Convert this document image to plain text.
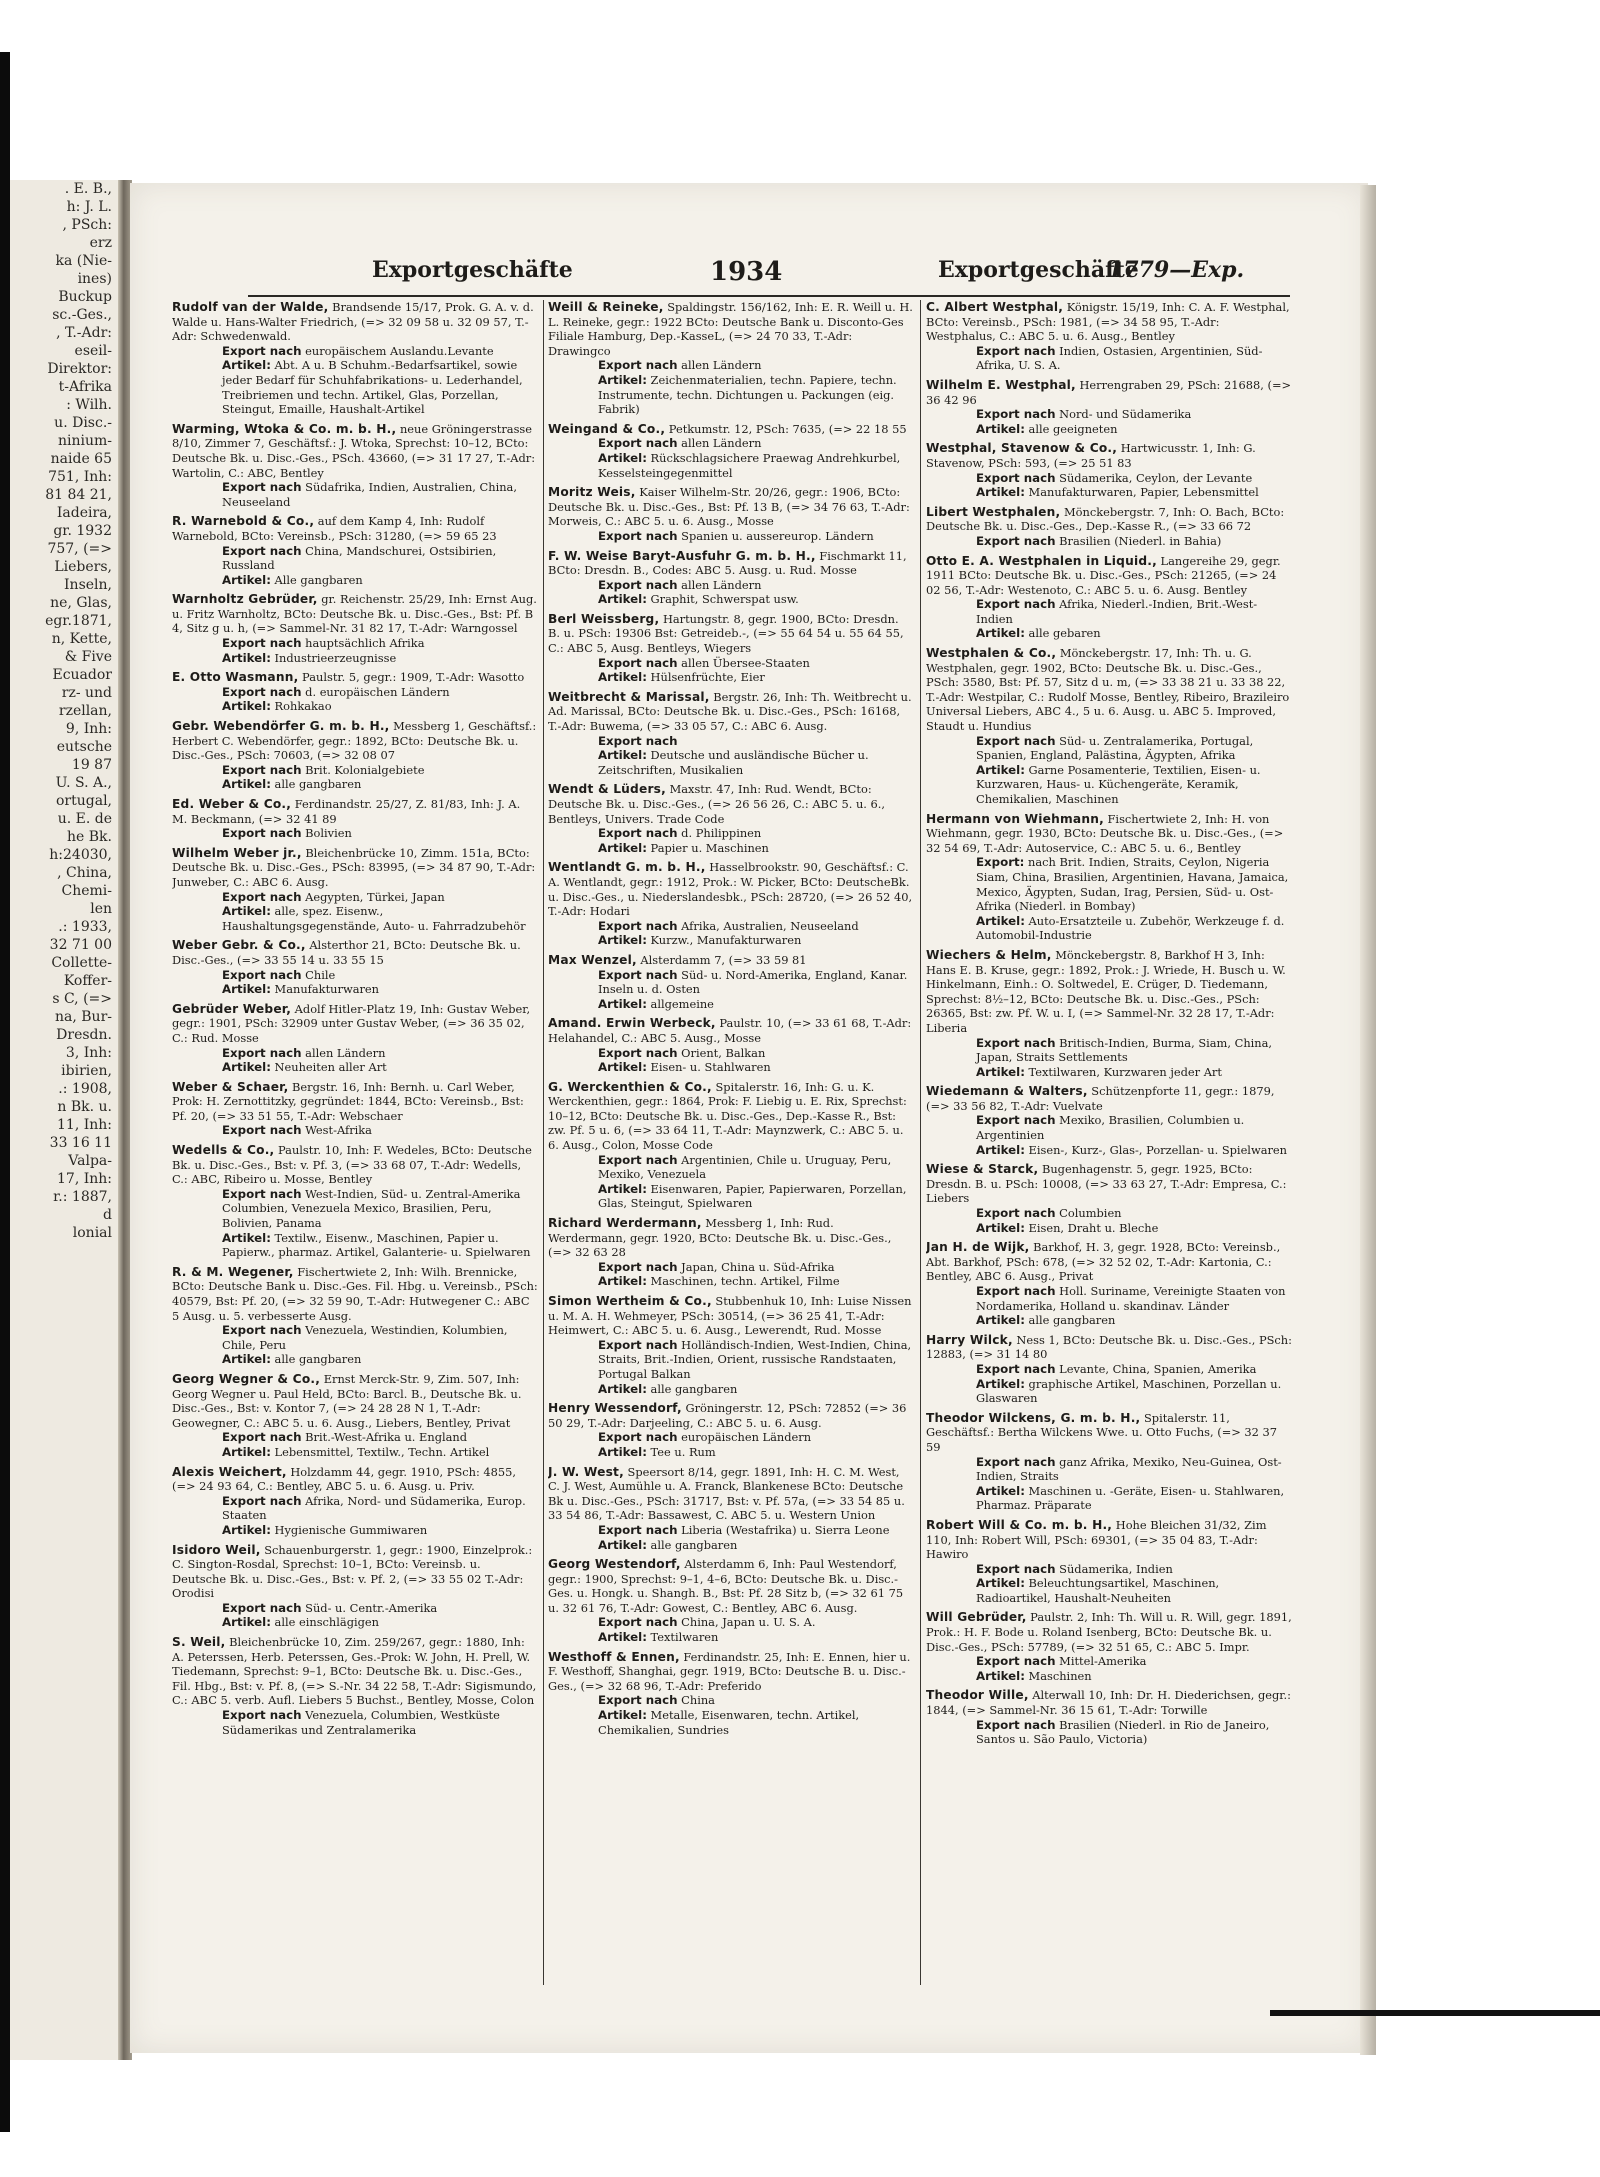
. E. B.,
h: J. L.
, PSch:
erz
ka (Nie-
ines)
Buckup
sc.-Ges.,
, T.-Adr:
eseil-
Direktor:
t-Afrika
: Wilh.
u. Disc.-
ninium-
naide 65
751, Inh:
81 84 21,
Iadeira,
gr. 1932
757, (=>
Liebers,
Inseln,
ne, Glas,
egr.1871,
n, Kette,
& Five
Ecuador
rz- und
rzellan,
9, Inh:
eutsche
19 87
U. S. A.,
ortugal,
u. E. de
he Bk.
h:24030,
, China,
Chemi-
len
.: 1933,
32 71 00
Collette-
Koffer-
s C, (=>
na, Bur-
Dresdn.
3, Inh:
ibirien,
.: 1908,
n Bk. u.
11, Inh:
33 16 11
Valpa-
17, Inh:
r.: 1887,
d
lonial
Exportgeschäfte	1934	Exportgeschäfte
1779—Exp.
Rudolf van der Walde, Brandsende 15/17, Prok. G. A. v. d. Walde u. Hans-Walter Friedrich, (=> 32 09 58 u. 32 09 57, T.-Adr: Schwedenwald.
Export nach europäischem Auslandu.Levante
Artikel: Abt. A u. B Schuhm.-Bedarfsartikel, sowie jeder Bedarf für Schuhfabrikations- u. Lederhandel, Treibriemen und techn. Artikel, Glas, Porzellan, Steingut, Emaille, Haushalt-Artikel
Warming, Wtoka & Co. m. b. H., neue Gröningerstrasse 8/10, Zimmer 7, Geschäftsf.: J. Wtoka, Sprechst: 10–12, BCto: Deutsche Bk. u. Disc.-Ges., PSch. 43660, (=> 31 17 27, T.-Adr: Wartolin, C.: ABC, Bentley
Export nach Südafrika, Indien, Australien, China, Neuseeland
R. Warnebold & Co., auf dem Kamp 4, Inh: Rudolf Warnebold, BCto: Vereinsb., PSch: 31280, (=> 59 65 23
Export nach China, Mandschurei, Ostsibirien, Russland
Artikel: Alle gangbaren
Warnholtz Gebrüder, gr. Reichenstr. 25/29, Inh: Ernst Aug. u. Fritz Warnholtz, BCto: Deutsche Bk. u. Disc.-Ges., Bst: Pf. B 4, Sitz g u. h, (=> Sammel-Nr. 31 82 17, T.-Adr: Warngossel
Export nach hauptsächlich Afrika
Artikel: Industrieerzeugnisse
E. Otto Wasmann, Paulstr. 5, gegr.: 1909, T.-Adr: Wasotto
Export nach d. europäischen Ländern
Artikel: Rohkakao
Gebr. Webendörfer G. m. b. H., Messberg 1, Geschäftsf.: Herbert C. Webendörfer, gegr.: 1892, BCto: Deutsche Bk. u. Disc.-Ges., PSch: 70603, (=> 32 08 07
Export nach Brit. Kolonialgebiete
Artikel: alle gangbaren
Ed. Weber & Co., Ferdinandstr. 25/27, Z. 81/83, Inh: J. A. M. Beckmann, (=> 32 41 89
Export nach Bolivien
Wilhelm Weber jr., Bleichenbrücke 10, Zimm. 151a, BCto: Deutsche Bk. u. Disc.-Ges., PSch: 83995, (=> 34 87 90, T.-Adr: Junweber, C.: ABC 6. Ausg.
Export nach Aegypten, Türkei, Japan
Artikel: alle, spez. Eisenw., Haushaltungsgegenstände, Auto- u. Fahrradzubehör
Weber Gebr. & Co., Alsterthor 21, BCto: Deutsche Bk. u. Disc.-Ges., (=> 33 55 14 u. 33 55 15
Export nach Chile
Artikel: Manufakturwaren
Gebrüder Weber, Adolf Hitler-Platz 19, Inh: Gustav Weber, gegr.: 1901, PSch: 32909 unter Gustav Weber, (=> 36 35 02, C.: Rud. Mosse
Export nach allen Ländern
Artikel: Neuheiten aller Art
Weber & Schaer, Bergstr. 16, Inh: Bernh. u. Carl Weber, Prok: H. Zernottitzky, gegründet: 1844, BCto: Vereinsb., Bst: Pf. 20, (=> 33 51 55, T.-Adr: Webschaer
Export nach West-Afrika
Wedells & Co., Paulstr. 10, Inh: F. Wedeles, BCto: Deutsche Bk. u. Disc.-Ges., Bst: v. Pf. 3, (=> 33 68 07, T.-Adr: Wedells, C.: ABC, Ribeiro u. Mosse, Bentley
Export nach West-Indien, Süd- u. Zentral-Amerika Columbien, Venezuela Mexico, Brasilien, Peru, Bolivien, Panama
Artikel: Textilw., Eisenw., Maschinen, Papier u. Papierw., pharmaz. Artikel, Galanterie- u. Spielwaren
R. & M. Wegener, Fischertwiete 2, Inh: Wilh. Brennicke, BCto: Deutsche Bank u. Disc.-Ges. Fil. Hbg. u. Vereinsb., PSch: 40579, Bst: Pf. 20, (=> 32 59 90, T.-Adr: Hutwegener C.: ABC 5 Ausg. u. 5. verbesserte Ausg.
Export nach Venezuela, Westindien, Kolumbien, Chile, Peru
Artikel: alle gangbaren
Georg Wegner & Co., Ernst Merck-Str. 9, Zim. 507, Inh: Georg Wegner u. Paul Held, BCto: Barcl. B., Deutsche Bk. u. Disc.-Ges., Bst: v. Kontor 7, (=> 24 28 28 N 1, T.-Adr: Geowegner, C.: ABC 5. u. 6. Ausg., Liebers, Bentley, Privat
Export nach Brit.-West-Afrika u. England
Artikel: Lebensmittel, Textilw., Techn. Artikel
Alexis Weichert, Holzdamm 44, gegr. 1910, PSch: 4855, (=> 24 93 64, C.: Bentley, ABC 5. u. 6. Ausg. u. Priv.
Export nach Afrika, Nord- und Südamerika, Europ. Staaten
Artikel: Hygienische Gummiwaren
Isidoro Weil, Schauenburgerstr. 1, gegr.: 1900, Einzelprok.: C. Sington-Rosdal, Sprechst: 10–1, BCto: Vereinsb. u. Deutsche Bk. u. Disc.-Ges., Bst: v. Pf. 2, (=> 33 55 02 T.-Adr: Orodisi
Export nach Süd- u. Centr.-Amerika
Artikel: alle einschlägigen
S. Weil, Bleichenbrücke 10, Zim. 259/267, gegr.: 1880, Inh: A. Peterssen, Herb. Peterssen, Ges.-Prok: W. John, H. Prell, W. Tiedemann, Sprechst: 9–1, BCto: Deutsche Bk. u. Disc.-Ges., Fil. Hbg., Bst: v. Pf. 8, (=> S.-Nr. 34 22 58, T.-Adr: Sigismundo, C.: ABC 5. verb. Aufl. Liebers 5 Buchst., Bentley, Mosse, Colon
Export nach Venezuela, Columbien, Westküste Südamerikas und Zentralamerika
Weill & Reineke, Spaldingstr. 156/162, Inh: E. R. Weill u. H. L. Reineke, gegr.: 1922 BCto: Deutsche Bank u. Disconto-Ges Filiale Hamburg, Dep.-KasseL, (=> 24 70 33, T.-Adr: Drawingco
Export nach allen Ländern
Artikel: Zeichenmaterialien, techn. Papiere, techn. Instrumente, techn. Dichtungen u. Packungen (eig. Fabrik)
Weingand & Co., Petkumstr. 12, PSch: 7635, (=> 22 18 55
Export nach allen Ländern
Artikel: Rückschlagsichere Praewag Andrehkurbel, Kesselsteingegenmittel
Moritz Weis, Kaiser Wilhelm-Str. 20/26, gegr.: 1906, BCto: Deutsche Bk. u. Disc.-Ges., Bst: Pf. 13 B, (=> 34 76 63, T.-Adr: Morweis, C.: ABC 5. u. 6. Ausg., Mosse
Export nach Spanien u. aussereurop. Ländern
F. W. Weise Baryt-Ausfuhr G. m. b. H., Fischmarkt 11, BCto: Dresdn. B., Codes: ABC 5. Ausg. u. Rud. Mosse
Export nach allen Ländern
Artikel: Graphit, Schwerspat usw.
Berl Weissberg, Hartungstr. 8, gegr. 1900, BCto: Dresdn. B. u. PSch: 19306 Bst: Getreideb.-, (=> 55 64 54 u. 55 64 55, C.: ABC 5, Ausg. Bentleys, Wiegers
Export nach allen Übersee-Staaten
Artikel: Hülsenfrüchte, Eier
Weitbrecht & Marissal, Bergstr. 26, Inh: Th. Weitbrecht u. Ad. Marissal, BCto: Deutsche Bk. u. Disc.-Ges., PSch: 16168, T.-Adr: Buwema, (=> 33 05 57, C.: ABC 6. Ausg.
Export nach
Artikel: Deutsche und ausländische Bücher u. Zeitschriften, Musikalien
Wendt & Lüders, Maxstr. 47, Inh: Rud. Wendt, BCto: Deutsche Bk. u. Disc.-Ges., (=> 26 56 26, C.: ABC 5. u. 6., Bentleys, Univers. Trade Code
Export nach d. Philippinen
Artikel: Papier u. Maschinen
Wentlandt G. m. b. H., Hasselbrookstr. 90, Geschäftsf.: C. A. Wentlandt, gegr.: 1912, Prok.: W. Picker, BCto: DeutscheBk. u. Disc.-Ges., u. Niederslandesbk., PSch: 28720, (=> 26 52 40, T.-Adr: Hodari
Export nach Afrika, Australien, Neuseeland
Artikel: Kurzw., Manufakturwaren
Max Wenzel, Alsterdamm 7, (=> 33 59 81
Export nach Süd- u. Nord-Amerika, England, Kanar. Inseln u. d. Osten
Artikel: allgemeine
Amand. Erwin Werbeck, Paulstr. 10, (=> 33 61 68, T.-Adr: Helahandel, C.: ABC 5. Ausg., Mosse
Export nach Orient, Balkan
Artikel: Eisen- u. Stahlwaren
G. Werckenthien & Co., Spitalerstr. 16, Inh: G. u. K. Werckenthien, gegr.: 1864, Prok: F. Liebig u. E. Rix, Sprechst: 10–12, BCto: Deutsche Bk. u. Disc.-Ges., Dep.-Kasse R., Bst: zw. Pf. 5 u. 6, (=> 33 64 11, T.-Adr: Maynzwerk, C.: ABC 5. u. 6. Ausg., Colon, Mosse Code
Export nach Argentinien, Chile u. Uruguay, Peru, Mexiko, Venezuela
Artikel: Eisenwaren, Papier, Papierwaren, Porzellan, Glas, Steingut, Spielwaren
Richard Werdermann, Messberg 1, Inh: Rud. Werdermann, gegr. 1920, BCto: Deutsche Bk. u. Disc.-Ges., (=> 32 63 28
Export nach Japan, China u. Süd-Afrika
Artikel: Maschinen, techn. Artikel, Filme
Simon Wertheim & Co., Stubbenhuk 10, Inh: Luise Nissen u. M. A. H. Wehmeyer, PSch: 30514, (=> 36 25 41, T.-Adr: Heimwert, C.: ABC 5. u. 6. Ausg., Lewerendt, Rud. Mosse
Export nach Holländisch-Indien, West-Indien, China, Straits, Brit.-Indien, Orient, russische Randstaaten, Portugal Balkan
Artikel: alle gangbaren
Henry Wessendorf, Gröningerstr. 12, PSch: 72852 (=> 36 50 29, T.-Adr: Darjeeling, C.: ABC 5. u. 6. Ausg.
Export nach europäischen Ländern
Artikel: Tee u. Rum
J. W. West, Speersort 8/14, gegr. 1891, Inh: H. C. M. West, C. J. West, Aumühle u. A. Franck, Blankenese BCto: Deutsche Bk u. Disc.-Ges., PSch: 31717, Bst: v. Pf. 57a, (=> 33 54 85 u. 33 54 86, T.-Adr: Bassawest, C. ABC 5. u. Western Union
Export nach Liberia (Westafrika) u. Sierra Leone
Artikel: alle gangbaren
Georg Westendorf, Alsterdamm 6, Inh: Paul Westendorf, gegr.: 1900, Sprechst: 9–1, 4–6, BCto: Deutsche Bk. u. Disc.-Ges. u. Hongk. u. Shangh. B., Bst: Pf. 28 Sitz b, (=> 32 61 75 u. 32 61 76, T.-Adr: Gowest, C.: Bentley, ABC 6. Ausg.
Export nach China, Japan u. U. S. A.
Artikel: Textilwaren
Westhoff & Ennen, Ferdinandstr. 25, Inh: E. Ennen, hier u. F. Westhoff, Shanghai, gegr. 1919, BCto: Deutsche B. u. Disc.-Ges., (=> 32 68 96, T.-Adr: Preferido
Export nach China
Artikel: Metalle, Eisenwaren, techn. Artikel, Chemikalien, Sundries
C. Albert Westphal, Königstr. 15/19, Inh: C. A. F. Westphal, BCto: Vereinsb., PSch: 1981, (=> 34 58 95, T.-Adr: Westphalus, C.: ABC 5. u. 6. Ausg., Bentley
Export nach Indien, Ostasien, Argentinien, Süd-Afrika, U. S. A.
Wilhelm E. Westphal, Herrengraben 29, PSch: 21688, (=> 36 42 96
Export nach Nord- und Südamerika
Artikel: alle geeigneten
Westphal, Stavenow & Co., Hartwicusstr. 1, Inh: G. Stavenow, PSch: 593, (=> 25 51 83
Export nach Südamerika, Ceylon, der Levante
Artikel: Manufakturwaren, Papier, Lebensmittel
Libert Westphalen, Mönckebergstr. 7, Inh: O. Bach, BCto: Deutsche Bk. u. Disc.-Ges., Dep.-Kasse R., (=> 33 66 72
Export nach Brasilien (Niederl. in Bahia)
Otto E. A. Westphalen in Liquid., Langereihe 29, gegr. 1911 BCto: Deutsche Bk. u. Disc.-Ges., PSch: 21265, (=> 24 02 56, T.-Adr: Westenoto, C.: ABC 5. u. 6. Ausg. Bentley
Export nach Afrika, Niederl.-Indien, Brit.-West-Indien
Artikel: alle gebaren
Westphalen & Co., Mönckebergstr. 17, Inh: Th. u. G. Westphalen, gegr. 1902, BCto: Deutsche Bk. u. Disc.-Ges., PSch: 3580, Bst: Pf. 57, Sitz d u. m, (=> 33 38 21 u. 33 38 22, T.-Adr: Westpilar, C.: Rudolf Mosse, Bentley, Ribeiro, Brazileiro Universal Liebers, ABC 4., 5 u. 6. Ausg. u. ABC 5. Improved, Staudt u. Hundius
Export nach Süd- u. Zentralamerika, Portugal, Spanien, England, Palästina, Ägypten, Afrika
Artikel: Garne Posamenterie, Textilien, Eisen- u. Kurzwaren, Haus- u. Küchengeräte, Keramik, Chemikalien, Maschinen
Hermann von Wiehmann, Fischertwiete 2, Inh: H. von Wiehmann, gegr. 1930, BCto: Deutsche Bk. u. Disc.-Ges., (=> 32 54 69, T.-Adr: Autoservice, C.: ABC 5. u. 6., Bentley
Export: nach Brit. Indien, Straits, Ceylon, Nigeria Siam, China, Brasilien, Argentinien, Havana, Jamaica, Mexico, Ägypten, Sudan, Irag, Persien, Süd- u. Ost-Afrika (Niederl. in Bombay)
Artikel: Auto-Ersatzteile u. Zubehör, Werkzeuge f. d. Automobil-Industrie
Wiechers & Helm, Mönckebergstr. 8, Barkhof H 3, Inh: Hans E. B. Kruse, gegr.: 1892, Prok.: J. Wriede, H. Busch u. W. Hinkelmann, Einh.: O. Soltwedel, E. Crüger, D. Tiedemann, Sprechst: 8½–12, BCto: Deutsche Bk. u. Disc.-Ges., PSch: 26365, Bst: zw. Pf. W. u. I, (=> Sammel-Nr. 32 28 17, T.-Adr: Liberia
Export nach Britisch-Indien, Burma, Siam, China, Japan, Straits Settlements
Artikel: Textilwaren, Kurzwaren jeder Art
Wiedemann & Walters, Schützenpforte 11, gegr.: 1879, (=> 33 56 82, T.-Adr: Vuelvate
Export nach Mexiko, Brasilien, Columbien u. Argentinien
Artikel: Eisen-, Kurz-, Glas-, Porzellan- u. Spielwaren
Wiese & Starck, Bugenhagenstr. 5, gegr. 1925, BCto: Dresdn. B. u. PSch: 10008, (=> 33 63 27, T.-Adr: Empresa, C.: Liebers
Export nach Columbien
Artikel: Eisen, Draht u. Bleche
Jan H. de Wijk, Barkhof, H. 3, gegr. 1928, BCto: Vereinsb., Abt. Barkhof, PSch: 678, (=> 32 52 02, T.-Adr: Kartonia, C.: Bentley, ABC 6. Ausg., Privat
Export nach Holl. Suriname, Vereinigte Staaten von Nordamerika, Holland u. skandinav. Länder
Artikel: alle gangbaren
Harry Wilck, Ness 1, BCto: Deutsche Bk. u. Disc.-Ges., PSch: 12883, (=> 31 14 80
Export nach Levante, China, Spanien, Amerika
Artikel: graphische Artikel, Maschinen, Porzellan u. Glaswaren
Theodor Wilckens, G. m. b. H., Spitalerstr. 11, Geschäftsf.: Bertha Wilckens Wwe. u. Otto Fuchs, (=> 32 37 59
Export nach ganz Afrika, Mexiko, Neu-Guinea, Ost-Indien, Straits
Artikel: Maschinen u. -Geräte, Eisen- u. Stahlwaren, Pharmaz. Präparate
Robert Will & Co. m. b. H., Hohe Bleichen 31/32, Zim 110, Inh: Robert Will, PSch: 69301, (=> 35 04 83, T.-Adr: Hawiro
Export nach Südamerika, Indien
Artikel: Beleuchtungsartikel, Maschinen, Radioartikel, Haushalt-Neuheiten
Will Gebrüder, Paulstr. 2, Inh: Th. Will u. R. Will, gegr. 1891, Prok.: H. F. Bode u. Roland Isenberg, BCto: Deutsche Bk. u. Disc.-Ges., PSch: 57789, (=> 32 51 65, C.: ABC 5. Impr.
Export nach Mittel-Amerika
Artikel: Maschinen
Theodor Wille, Alterwall 10, Inh: Dr. H. Diederichsen, gegr.: 1844, (=> Sammel-Nr. 36 15 61, T.-Adr: Torwille
Export nach Brasilien (Niederl. in Rio de Janeiro, Santos u. São Paulo, Victoria)
